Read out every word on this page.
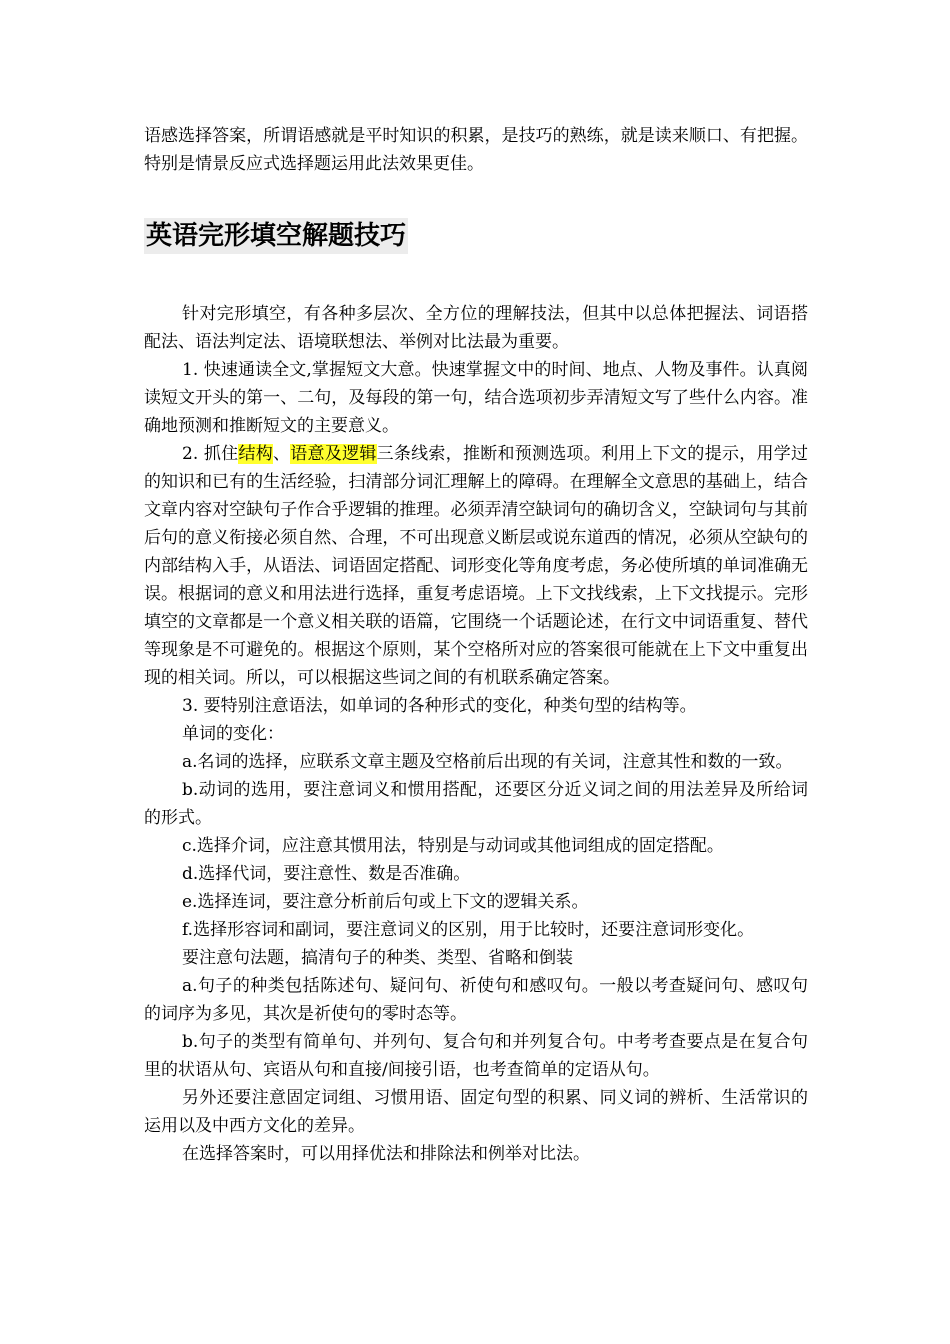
语感选择答案，所谓语感就是平时知识的积累，是技巧的熟练，就是读来顺口、有把握。特别是情景反应式选择题运用此法效果更佳。

英语完形填空解题技巧

针对完形填空，有各种多层次、全方位的理解技法，但其中以总体把握法、词语搭配法、语法判定法、语境联想法、举例对比法最为重要。

1. 快速通读全文,掌握短文大意。快速掌握文中的时间、地点、人物及事件。认真阅读短文开头的第一、二句，及每段的第一句，结合选项初步弄清短文写了些什么内容。准确地预测和推断短文的主要意义。

2. 抓住结构、语意及逻辑三条线索，推断和预测选项。利用上下文的提示，用学过的知识和已有的生活经验，扫清部分词汇理解上的障碍。在理解全文意思的基础上，结合文章内容对空缺句子作合乎逻辑的推理。必须弄清空缺词句的确切含义，空缺词句与其前后句的意义衔接必须自然、合理，不可出现意义断层或说东道西的情况，必须从空缺句的内部结构入手，从语法、词语固定搭配、词形变化等角度考虑，务必使所填的单词准确无误。根据词的意义和用法进行选择，重复考虑语境。上下文找线索，上下文找提示。完形填空的文章都是一个意义相关联的语篇，它围绕一个话题论述，在行文中词语重复、替代等现象是不可避免的。根据这个原则，某个空格所对应的答案很可能就在上下文中重复出现的相关词。所以，可以根据这些词之间的有机联系确定答案。

3. 要特别注意语法，如单词的各种形式的变化，种类句型的结构等。

单词的变化：

a.名词的选择，应联系文章主题及空格前后出现的有关词，注意其性和数的一致。

b.动词的选用，要注意词义和惯用搭配，还要区分近义词之间的用法差异及所给词的形式。

c.选择介词，应注意其惯用法，特别是与动词或其他词组成的固定搭配。

d.选择代词，要注意性、数是否准确。

e.选择连词，要注意分析前后句或上下文的逻辑关系。

f.选择形容词和副词，要注意词义的区别，用于比较时，还要注意词形变化。

要注意句法题，搞清句子的种类、类型、省略和倒装

a.句子的种类包括陈述句、疑问句、祈使句和感叹句。一般以考查疑问句、感叹句的词序为多见，其次是祈使句的零时态等。

b.句子的类型有简单句、并列句、复合句和并列复合句。中考考查要点是在复合句里的状语从句、宾语从句和直接/间接引语，也考查简单的定语从句。

另外还要注意固定词组、习惯用语、固定句型的积累、同义词的辨析、生活常识的运用以及中西方文化的差异。

在选择答案时，可以用择优法和排除法和例举对比法。
